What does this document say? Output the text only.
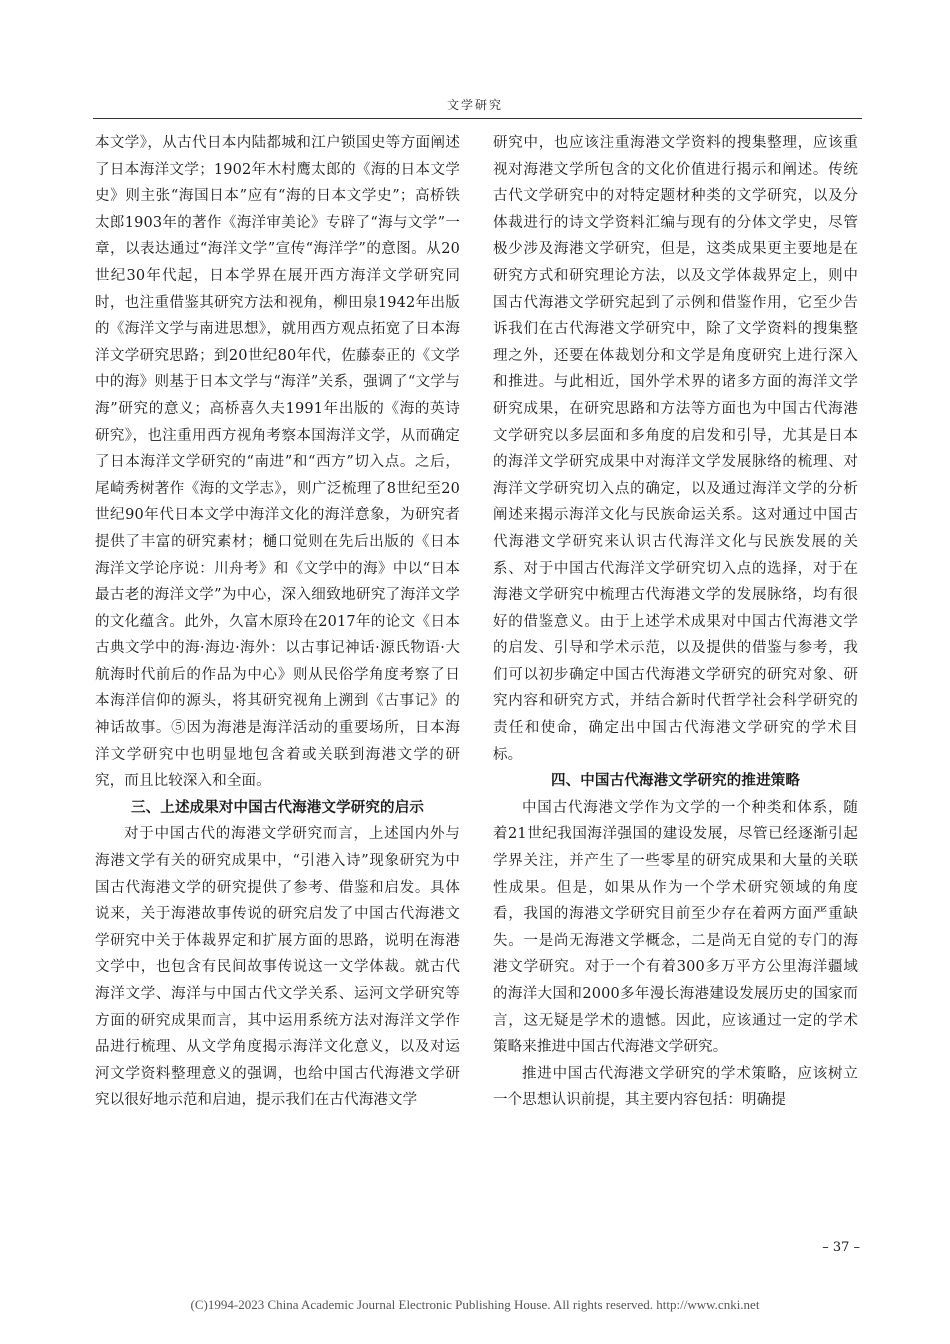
文学研究

本文学》，从古代日本内陆都城和江户锁国史等方面阐述了日本海洋文学；1902年木村鹰太郎的《海的日本文学史》则主张“海国日本”应有“海的日本文学史”；高桥铁太郎1903年的著作《海洋审美论》专辟了“海与文学”一章，以表达通过“海洋文学”宣传“海洋学”的意图。从20世纪30年代起，日本学界在展开西方海洋文学研究同时，也注重借鉴其研究方法和视角，柳田泉1942年出版的《海洋文学与南进思想》，就用西方观点拓宽了日本海洋文学研究思路；到20世纪80年代，佐藤泰正的《文学中的海》则基于日本文学与“海洋”关系，强调了“文学与海”研究的意义；高桥喜久夫1991年出版的《海的英诗研究》，也注重用西方视角考察本国海洋文学，从而确定了日本海洋文学研究的“南进”和“西方”切入点。之后，尾崎秀树著作《海的文学志》，则广泛梳理了8世纪至20世纪90年代日本文学中海洋文化的海洋意象，为研究者提供了丰富的研究素材；樋口觉则在先后出版的《日本海洋文学论序说：川舟考》和《文学中的海》中以“日本最古老的海洋文学”为中心，深入细致地研究了海洋文学的文化蕴含。此外，久富木原玲在2017年的论文《日本古典文学中的海·海边·海外：以古事记神话·源氏物语·大航海时代前后的作品为中心》则从民俗学角度考察了日本海洋信仰的源头，将其研究视角上溯到《古事记》的神话故事。⑤因为海港是海洋活动的重要场所，日本海洋文学研究中也明显地包含着或关联到海港文学的研究，而且比较深入和全面。

三、上述成果对中国古代海港文学研究的启示

对于中国古代的海港文学研究而言，上述国内外与海港文学有关的研究成果中，“引港入诗”现象研究为中国古代海港文学的研究提供了参考、借鉴和启发。具体说来，关于海港故事传说的研究启发了中国古代海港文学研究中关于体裁界定和扩展方面的思路，说明在海港文学中，也包含有民间故事传说这一文学体裁。就古代海洋文学、海洋与中国古代文学关系、运河文学研究等方面的研究成果而言，其中运用系统方法对海洋文学作品进行梳理、从文学角度揭示海洋文化意义，以及对运河文学资料整理意义的强调，也给中国古代海港文学研究以很好地示范和启迪，提示我们在古代海港文学

研究中，也应该注重海港文学资料的搜集整理，应该重视对海港文学所包含的文化价值进行揭示和阐述。传统古代文学研究中的对特定题材种类的文学研究，以及分体裁进行的诗文学资料汇编与现有的分体文学史，尽管极少涉及海港文学研究，但是，这类成果更主要地是在研究方式和研究理论方法，以及文学体裁界定上，则中国古代海港文学研究起到了示例和借鉴作用，它至少告诉我们在古代海港文学研究中，除了文学资料的搜集整理之外，还要在体裁划分和文学是角度研究上进行深入和推进。与此相近，国外学术界的诸多方面的海洋文学研究成果，在研究思路和方法等方面也为中国古代海港文学研究以多层面和多角度的启发和引导，尤其是日本的海洋文学研究成果中对海洋文学发展脉络的梳理、对海洋文学研究切入点的确定，以及通过海洋文学的分析阐述来揭示海洋文化与民族命运关系。这对通过中国古代海港文学研究来认识古代海洋文化与民族发展的关系、对于中国古代海洋文学研究切入点的选择，对于在海港文学研究中梳理古代海港文学的发展脉络，均有很好的借鉴意义。由于上述学术成果对中国古代海港文学的启发、引导和学术示范，以及提供的借鉴与参考，我们可以初步确定中国古代海港文学研究的研究对象、研究内容和研究方式，并结合新时代哲学社会科学研究的责任和使命，确定出中国古代海港文学研究的学术目标。

四、中国古代海港文学研究的推进策略

中国古代海港文学作为文学的一个种类和体系，随着21世纪我国海洋强国的建设发展，尽管已经逐渐引起学界关注，并产生了一些零星的研究成果和大量的关联性成果。但是，如果从作为一个学术研究领域的角度看，我国的海港文学研究目前至少存在着两方面严重缺失。一是尚无海港文学概念，二是尚无自觉的专门的海港文学研究。对于一个有着300多万平方公里海洋疆域的海洋大国和2000多年漫长海港建设发展历史的国家而言，这无疑是学术的遗憾。因此，应该通过一定的学术策略来推进中国古代海港文学研究。

推进中国古代海港文学研究的学术策略，应该树立一个思想认识前提，其主要内容包括：明确提

– 37 –
(C)1994-2023 China Academic Journal Electronic Publishing House. All rights reserved. http://www.cnki.net
